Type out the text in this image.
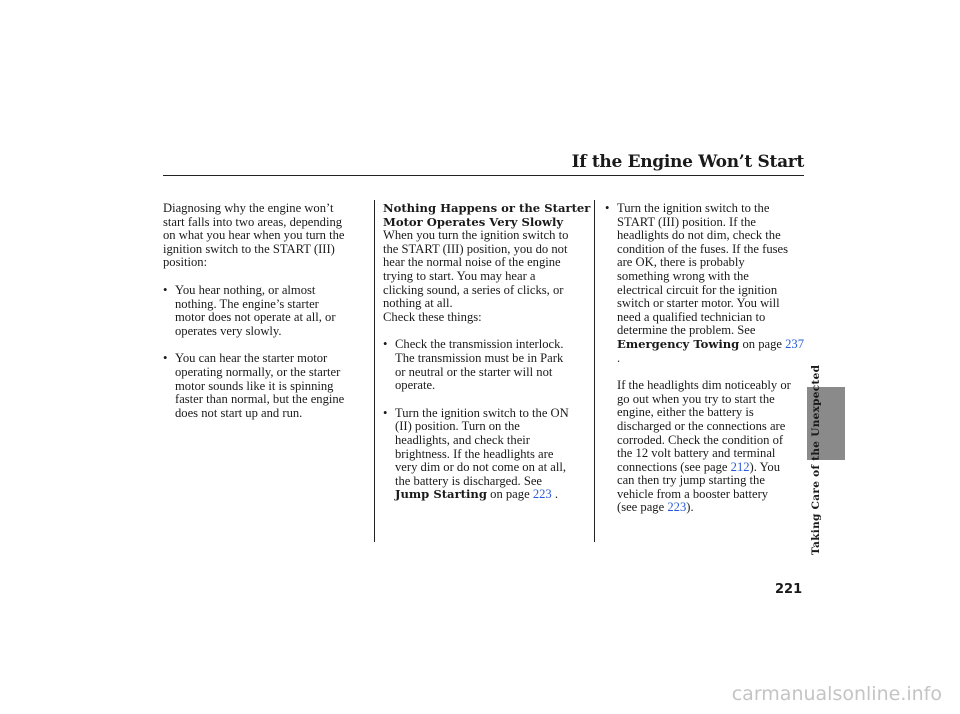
If the Engine Won’t Start

Diagnosing why the engine won’t

start falls into two areas, depending

on what you hear when you turn the

ignition switch to the START (III)

position:

• You hear nothing, or almost

nothing. The engine’s starter

motor does not operate at all, or

operates very slowly.

• You can hear the starter motor

operating normally, or the starter

motor sounds like it is spinning

faster than normal, but the engine

does not start up and run.

Nothing Happens or the Starter

Motor Operates Very Slowly

When you turn the ignition switch to

the START (III) position, you do not

hear the normal noise of the engine

trying to start. You may hear a

clicking sound, a series of clicks, or

nothing at all.

Check these things:

• Check the transmission interlock.

The transmission must be in Park

or neutral or the starter will not

operate.

• Turn the ignition switch to the ON

(II) position. Turn on the

headlights, and check their

brightness. If the headlights are

very dim or do not come on at all,

the battery is discharged. See

Jump Starting on page 223 .

• Turn the ignition switch to the

START (III) position. If the

headlights do not dim, check the

condition of the fuses. If the fuses

are OK, there is probably

something wrong with the

electrical circuit for the ignition

switch or starter motor. You will

need a qualified technician to

determine the problem. See

Emergency Towing on page 237 .

If the headlights dim noticeably or

go out when you try to start the

engine, either the battery is

discharged or the connections are

corroded. Check the condition of

the 12 volt battery and terminal

connections (see page 212). You

can then try jump starting the

vehicle from a booster battery

(see page 223).	Taking Care of the Unexpected
221
carmanualsonline.info
